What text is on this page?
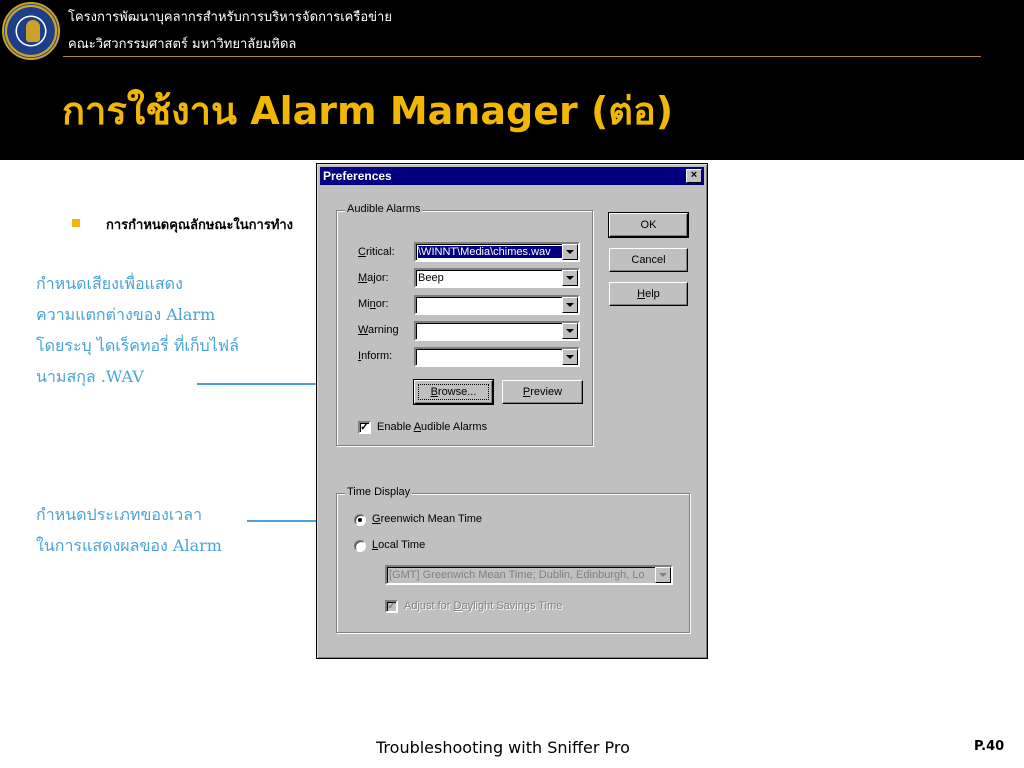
โครงการพัฒนาบุคลากรสำหรับการบริหารจัดการเครือข่าย
คณะวิศวกรรมศาสตร์ มหาวิทยาลัยมหิดล
การใช้งาน Alarm Manager (ต่อ)
การกำหนดคุณลักษณะในการทำง
กำหนดเสียงเพื่อแสดง
ความแตกต่างของ Alarm
โดยระบุ ไดเร็คทอรี่ ที่เก็บไฟล์
นามสกุล .WAV
กำหนดประเภทของเวลา
ในการแสดงผลของ Alarm
Preferences	×
Audible Alarms
Critical: \WINNT\Media\chimes.wav
Major:	Beep
Minor:
Warning
Inform:
Browse...	Preview
✓ Enable Audible Alarms
OK
Cancel
Help
Time Display
Greenwich Mean Time
Local Time
[GMT] Greenwich Mean Time; Dublin, Edinburgh, Lo
✓ Adjust for Daylight Savings Time
Troubleshooting with Sniffer Pro	P.40
